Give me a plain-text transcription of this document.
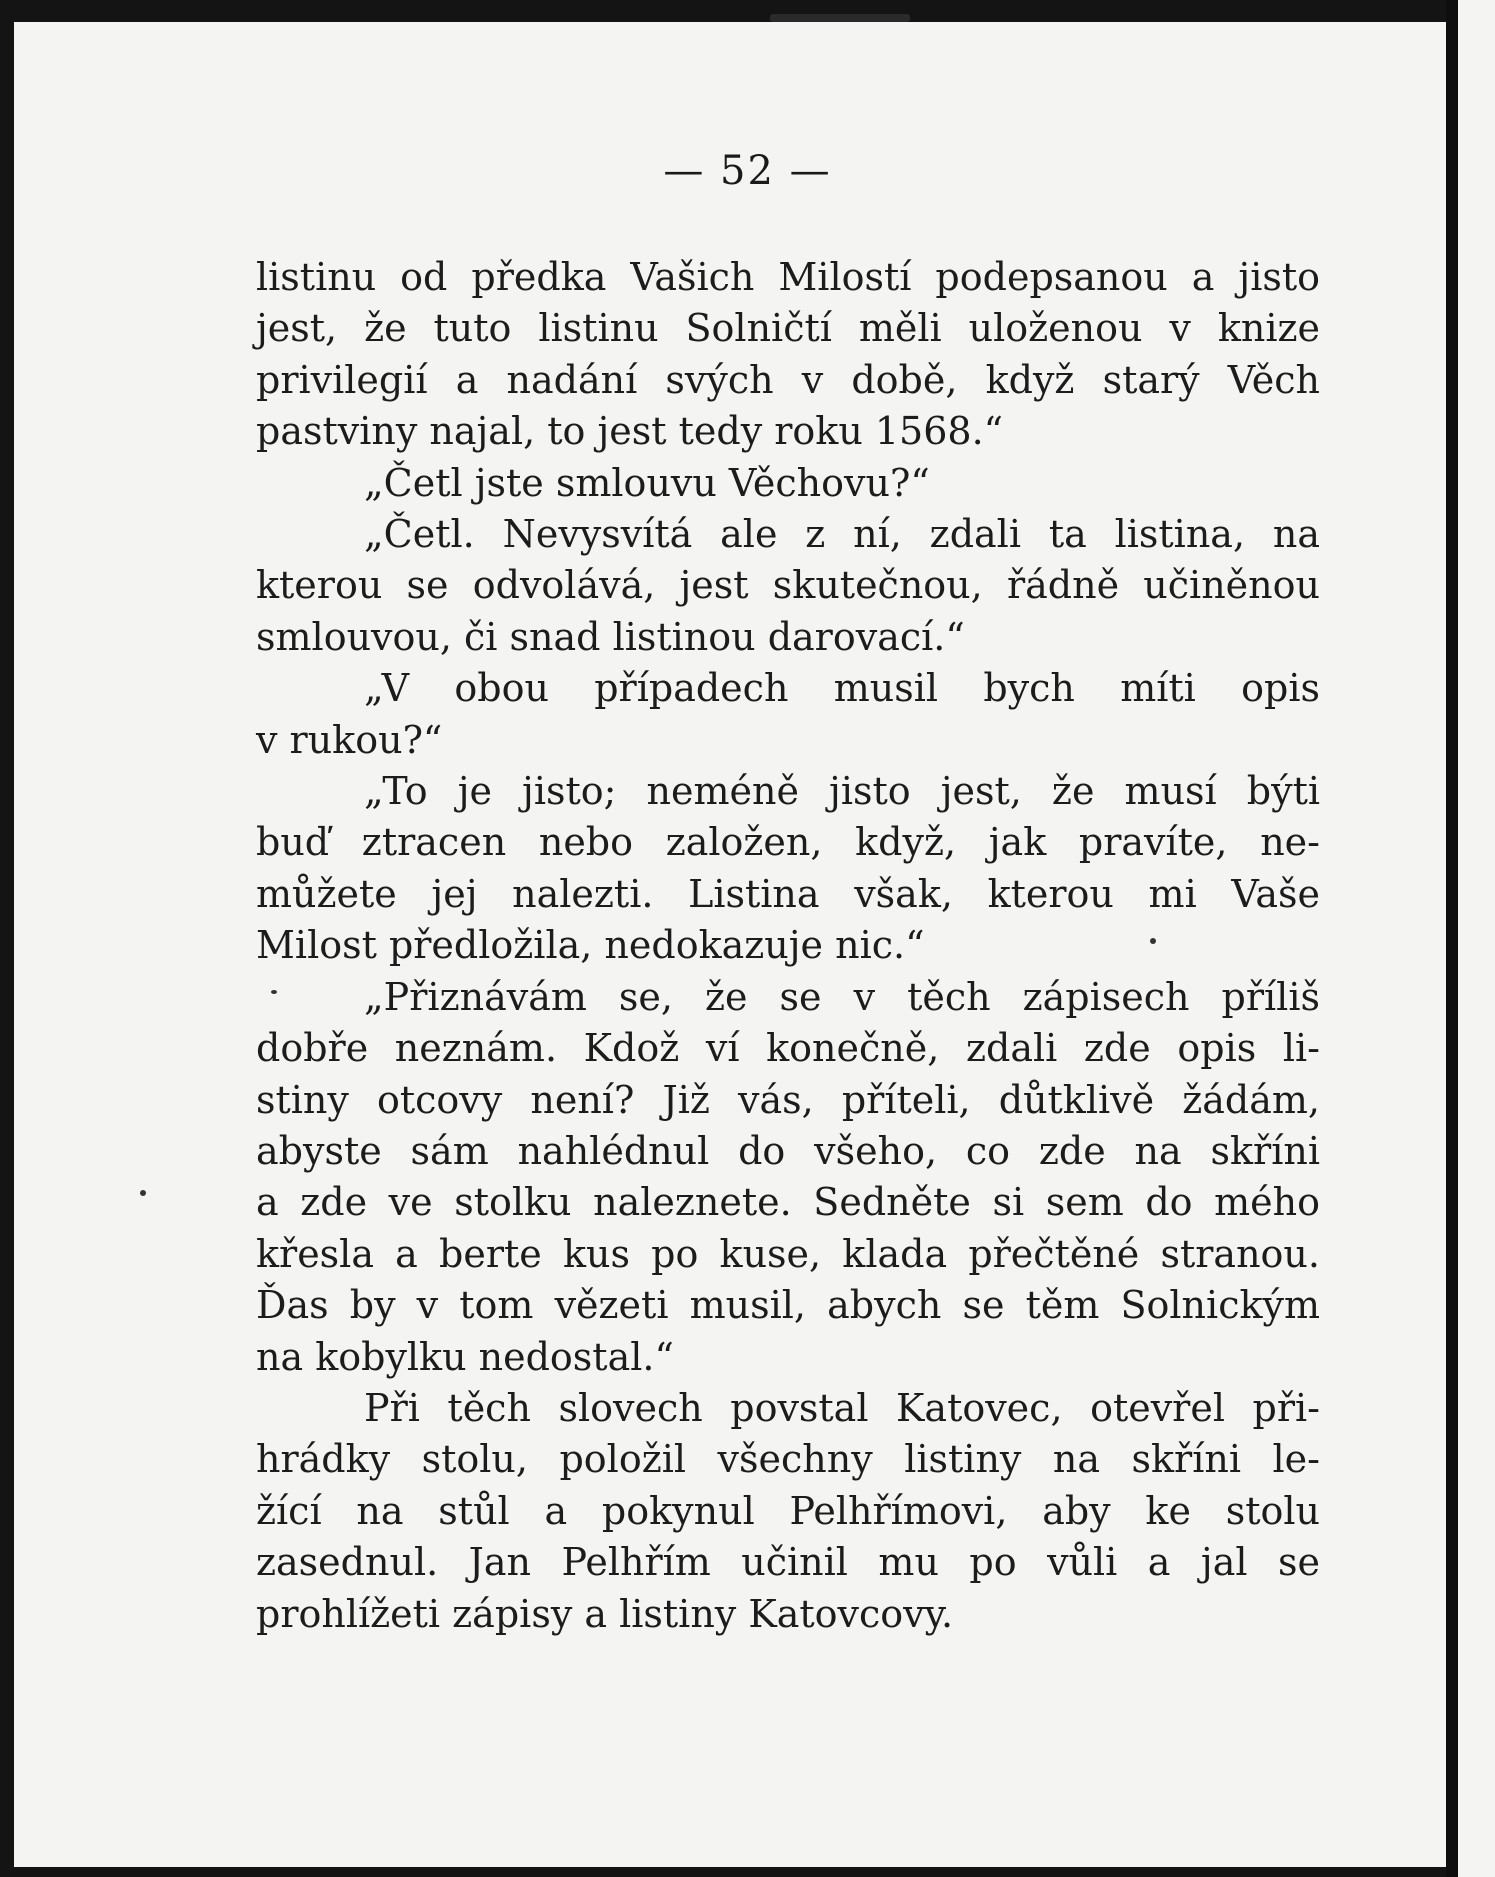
— 52 —
listinu od předka Vašich Milostí podepsanou a jisto
jest, že tuto listinu Solničtí měli uloženou v knize
privilegií a nadání svých v době, když starý Věch
pastviny najal, to jest tedy roku 1568.“
„Četl jste smlouvu Věchovu?“
„Četl. Nevysvítá ale z ní, zdali ta listina, na
kterou se odvolává, jest skutečnou, řádně učiněnou
smlouvou, či snad listinou darovací.“
„V obou případech musil bych míti opis
v rukou?“
„To je jisto; neméně jisto jest, že musí býti
buď ztracen nebo založen, když, jak pravíte, ne-
můžete jej nalezti. Listina však, kterou mi Vaše
Milost předložila, nedokazuje nic.“
„Přiznávám se, že se v těch zápisech příliš
dobře neznám. Kdož ví konečně, zdali zde opis li-
stiny otcovy není? Již vás, příteli, důtklivě žádám,
abyste sám nahlédnul do všeho, co zde na skříni
a zde ve stolku naleznete. Sedněte si sem do mého
křesla a berte kus po kuse, klada přečtěné stranou.
Ďas by v tom vězeti musil, abych se těm Solnickým
na kobylku nedostal.“
Při těch slovech povstal Katovec, otevřel při-
hrádky stolu, položil všechny listiny na skříni le-
žící na stůl a pokynul Pelhřímovi, aby ke stolu
zasednul. Jan Pelhřím učinil mu po vůli a jal se
prohlížeti zápisy a listiny Katovcovy.
